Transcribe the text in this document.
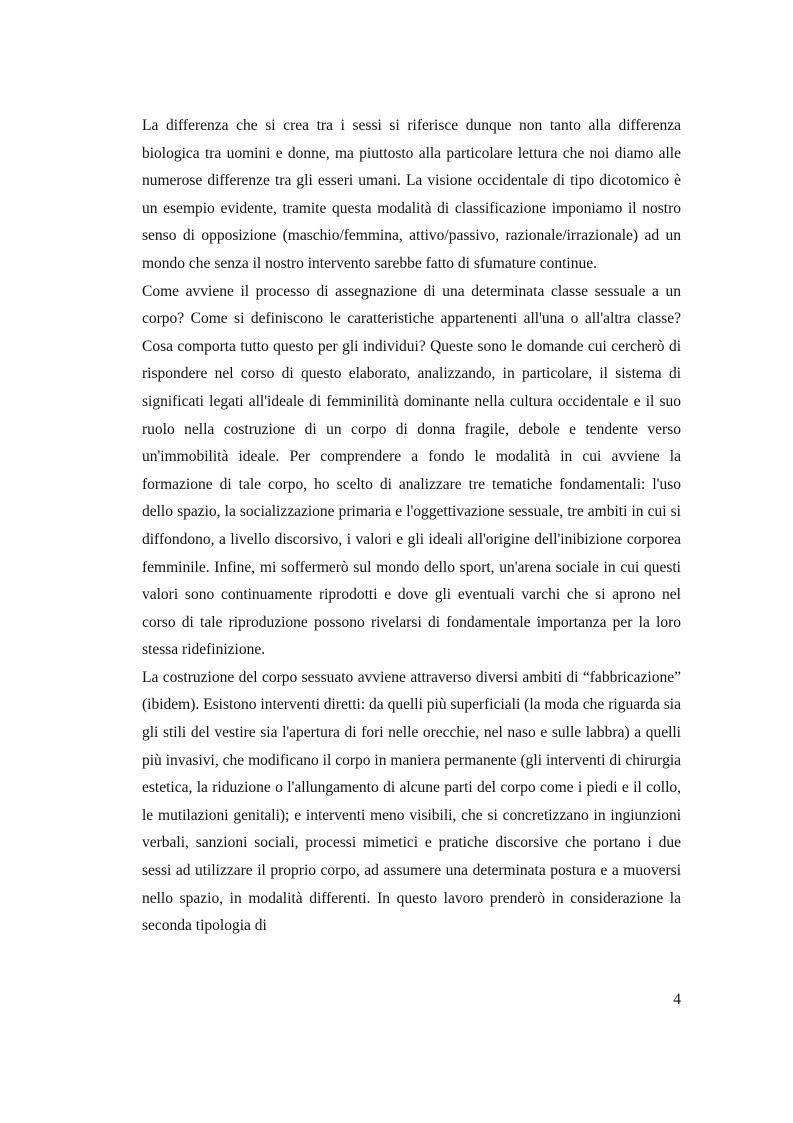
La differenza che si crea tra i sessi si riferisce dunque non tanto alla differenza biologica tra uomini e donne, ma piuttosto alla particolare lettura che noi diamo alle numerose differenze tra gli esseri umani. La visione occidentale di tipo dicotomico è un esempio evidente, tramite questa modalità di classificazione imponiamo il nostro senso di opposizione (maschio/femmina, attivo/passivo, razionale/irrazionale) ad un mondo che senza il nostro intervento sarebbe fatto di sfumature continue.

Come avviene il processo di assegnazione di una determinata classe sessuale a un corpo? Come si definiscono le caratteristiche appartenenti all'una o all'altra classe? Cosa comporta tutto questo per gli individui? Queste sono le domande cui cercherò di rispondere nel corso di questo elaborato, analizzando, in particolare, il sistema di significati legati all'ideale di femminilità dominante nella cultura occidentale e il suo ruolo nella costruzione di un corpo di donna fragile, debole e tendente verso un'immobilità ideale. Per comprendere a fondo le modalità in cui avviene la formazione di tale corpo, ho scelto di analizzare tre tematiche fondamentali: l'uso dello spazio, la socializzazione primaria e l'oggettivazione sessuale, tre ambiti in cui si diffondono, a livello discorsivo, i valori e gli ideali all'origine dell'inibizione corporea femminile. Infine, mi soffermerò sul mondo dello sport, un'arena sociale in cui questi valori sono continuamente riprodotti e dove gli eventuali varchi che si aprono nel corso di tale riproduzione possono rivelarsi di fondamentale importanza per la loro stessa ridefinizione.

La costruzione del corpo sessuato avviene attraverso diversi ambiti di “fabbricazione” (ibidem). Esistono interventi diretti: da quelli più superficiali (la moda che riguarda sia gli stili del vestire sia l'apertura di fori nelle orecchie, nel naso e sulle labbra) a quelli più invasivi, che modificano il corpo in maniera permanente (gli interventi di chirurgia estetica, la riduzione o l'allungamento di alcune parti del corpo come i piedi e il collo, le mutilazioni genitali); e interventi meno visibili, che si concretizzano in ingiunzioni verbali, sanzioni sociali, processi mimetici e pratiche discorsive che portano i due sessi ad utilizzare il proprio corpo, ad assumere una determinata postura e a muoversi nello spazio, in modalità differenti. In questo lavoro prenderò in considerazione la seconda tipologia di

4
